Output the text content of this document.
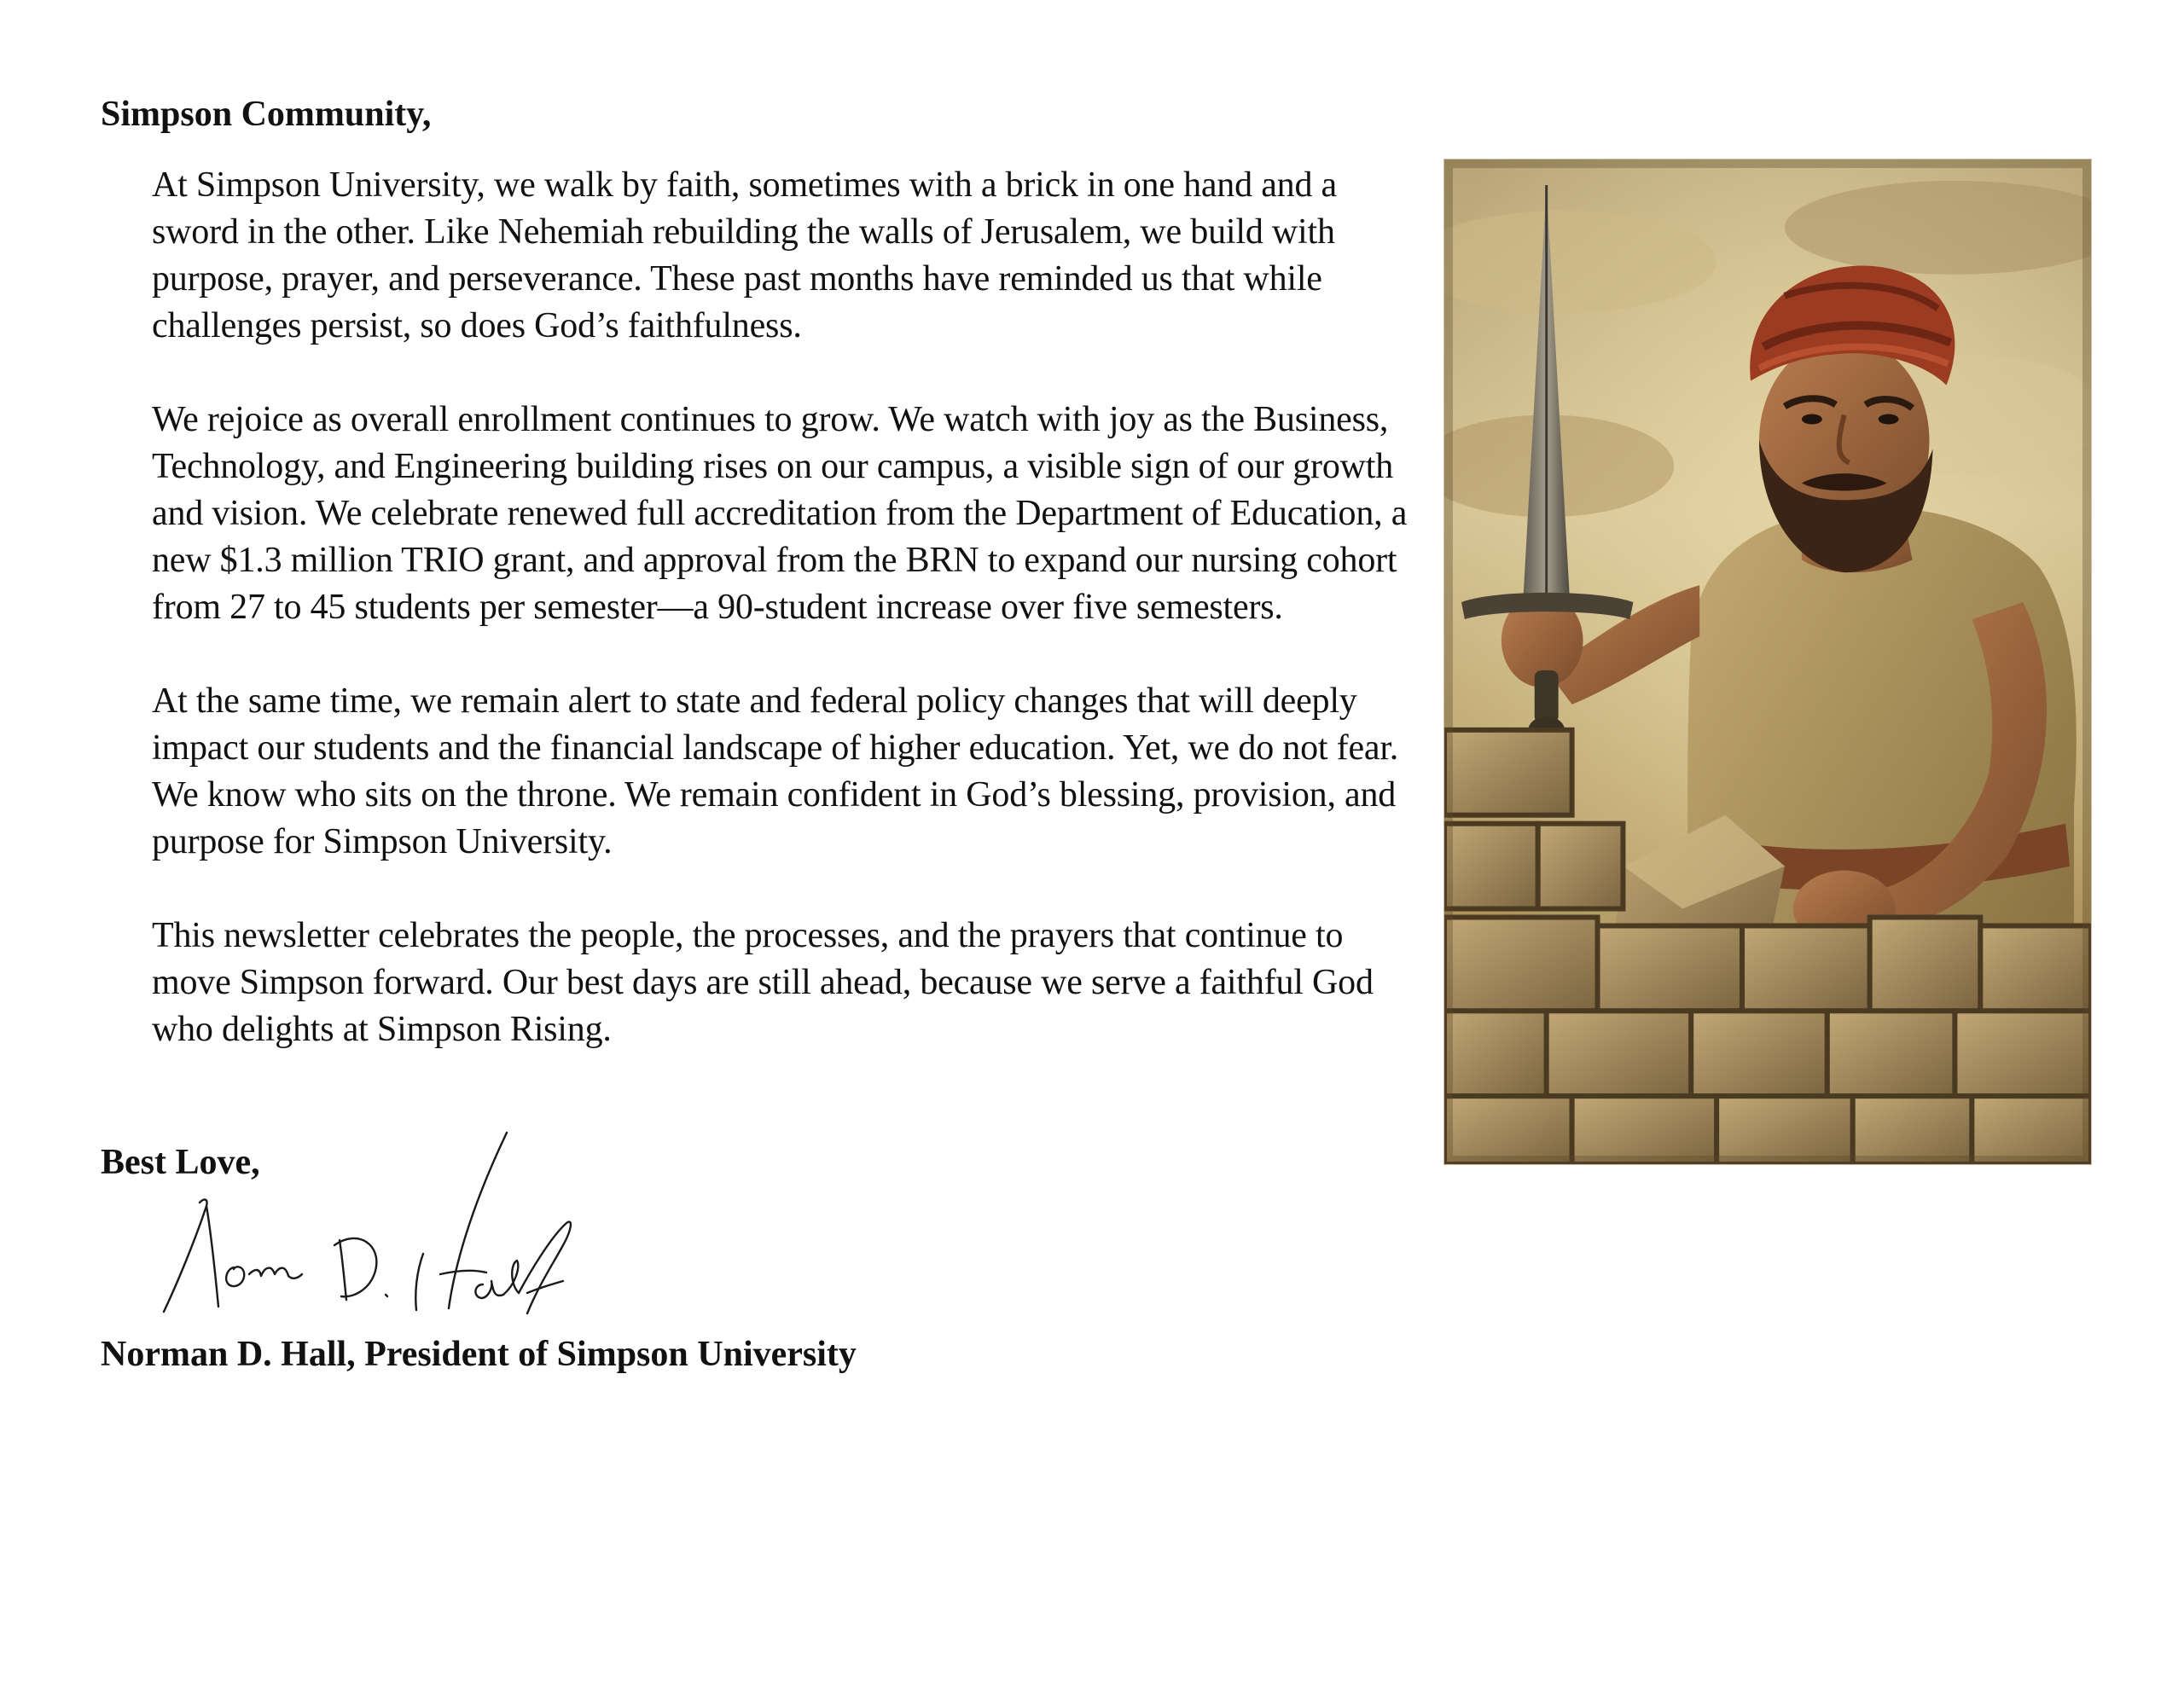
Simpson Community,

At Simpson University, we walk by faith, sometimes with a brick in one hand and a sword in the other. Like Nehemiah rebuilding the walls of Jerusalem, we build with purpose, prayer, and perseverance. These past months have reminded us that while challenges persist, so does God’s faithfulness.

We rejoice as overall enrollment continues to grow. We watch with joy as the Business, Technology, and Engineering building rises on our campus, a visible sign of our growth and vision. We celebrate renewed full accreditation from the Department of Education, a new $1.3 million TRIO grant, and approval from the BRN to expand our nursing cohort from 27 to 45 students per semester—a 90-student increase over five semesters.

At the same time, we remain alert to state and federal policy changes that will deeply impact our students and the financial landscape of higher education. Yet, we do not fear. We know who sits on the throne. We remain confident in God’s blessing, provision, and purpose for Simpson University.

This newsletter celebrates the people, the processes, and the prayers that continue to move Simpson forward. Our best days are still ahead, because we serve a faithful God who delights at Simpson Rising.

Best Love,

Norman D. Hall, President of Simpson University
